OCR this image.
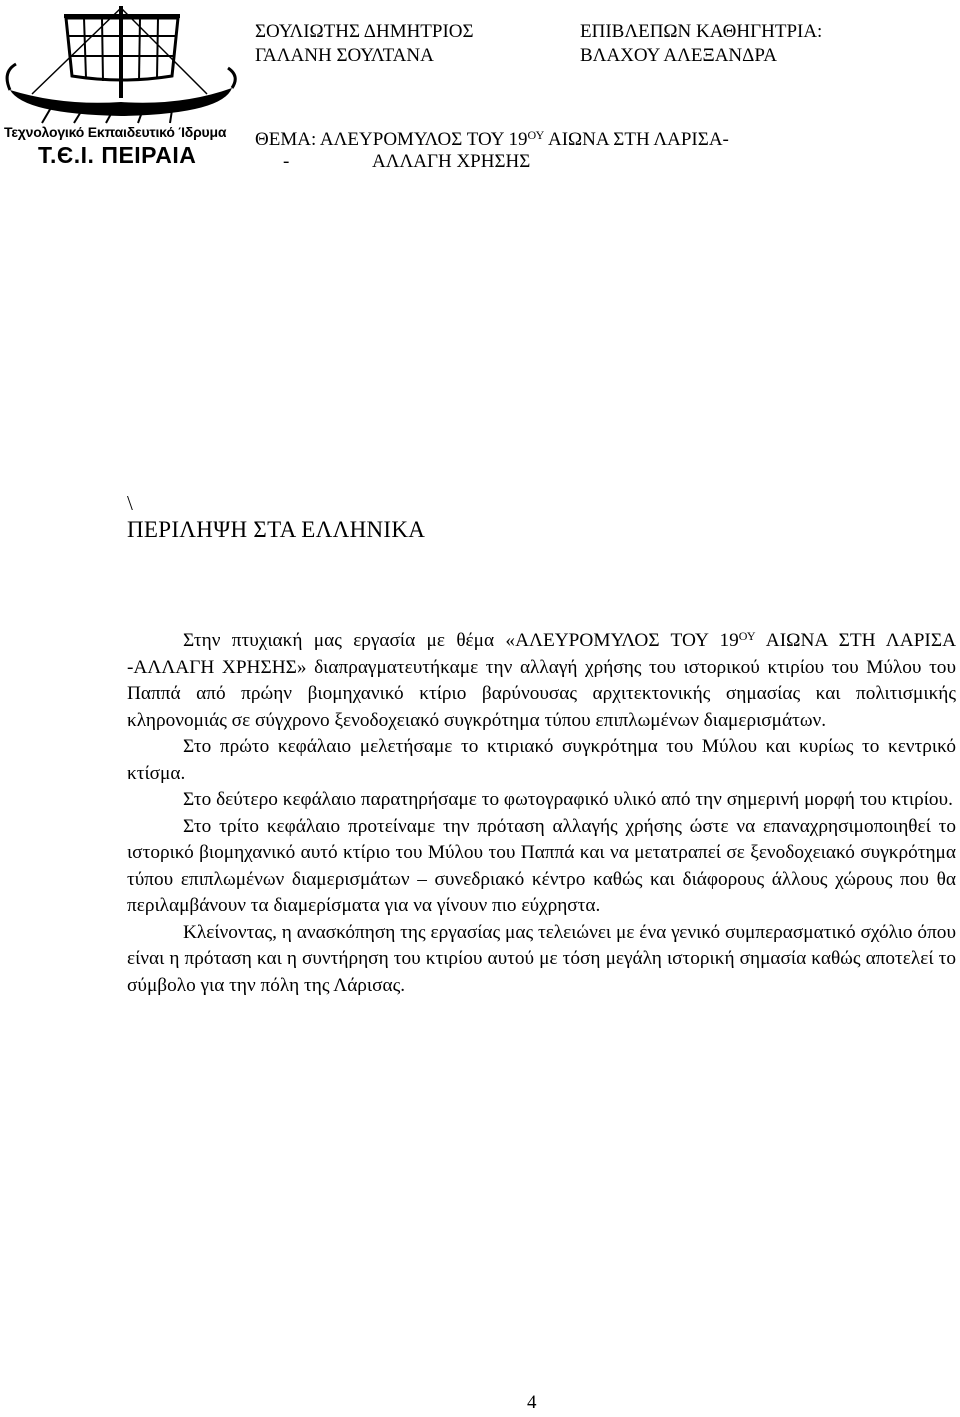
Τεχνολογικό Εκπαιδευτικό Ίδρυμα
Τ.Є.Ι. ΠΕΙΡΑΙΑ
ΣΟΥΛΙΩΤΗΣ ΔΗΜΗΤΡΙΟΣ
ΓΑΛΑΝΗ ΣΟΥΛΤΑΝΑ
ΕΠΙΒΛΕΠΩΝ ΚΑΘΗΓΗΤΡΙΑ:
ΒΛΑΧΟΥ ΑΛΕΞΑΝΔΡΑ
ΘΕΜΑ: ΑΛΕΥΡΟΜΥΛΟΣ ΤΟΥ $19^{O\Upsilon}$ ΑΙΩΝΑ ΣΤΗ ΛΑΡΙΣΑ-
-	ΑΛΛΑΓΗ ΧΡΗΣΗΣ
\
ΠΕΡΙΛΗΨΗ ΣΤΑ ΕΛΛΗΝΙΚΑ

Στην πτυχιακή μας εργασία με θέμα «ΑΛΕΥΡΟΜΥΛΟΣ ΤΟΥ $19^{O\Upsilon}$ ΑΙΩΝΑ ΣΤΗ ΛΑΡΙΣΑ -ΑΛΛΑΓΗ ΧΡΗΣΗΣ» διαπραγματευτήκαμε την αλλαγή χρήσης του ιστορικού κτιρίου του Μύλου του Παππά από πρώην βιομηχανικό κτίριο βαρύνουσας αρχιτεκτονικής σημασίας και πολιτισμικής κληρονομιάς σε σύγχρονο ξενοδοχειακό συγκρότημα τύπου επιπλωμένων διαμερισμάτων.

Στο πρώτο κεφάλαιο μελετήσαμε το κτιριακό συγκρότημα του Μύλου και κυρίως το κεντρικό κτίσμα.

Στο δεύτερο κεφάλαιο παρατηρήσαμε το φωτογραφικό υλικό από την σημερινή μορφή του κτιρίου.

Στο τρίτο κεφάλαιο προτείναμε την πρόταση αλλαγής χρήσης ώστε να επαναχρησιμοποιηθεί το ιστορικό βιομηχανικό αυτό κτίριο του Μύλου του Παππά και να μετατραπεί σε ξενοδοχειακό συγκρότημα τύπου επιπλωμένων διαμερισμάτων – συνεδριακό κέντρο καθώς και διάφορους άλλους χώρους που θα περιλαμβάνουν τα διαμερίσματα για να γίνουν πιο εύχρηστα.

Κλείνοντας, η ανασκόπηση της εργασίας μας τελειώνει με ένα γενικό συμπερασματικό σχόλιο όπου είναι η πρόταση και η συντήρηση του κτιρίου αυτού με τόση μεγάλη ιστορική σημασία καθώς αποτελεί το σύμβολο για την πόλη της Λάρισας.

4
